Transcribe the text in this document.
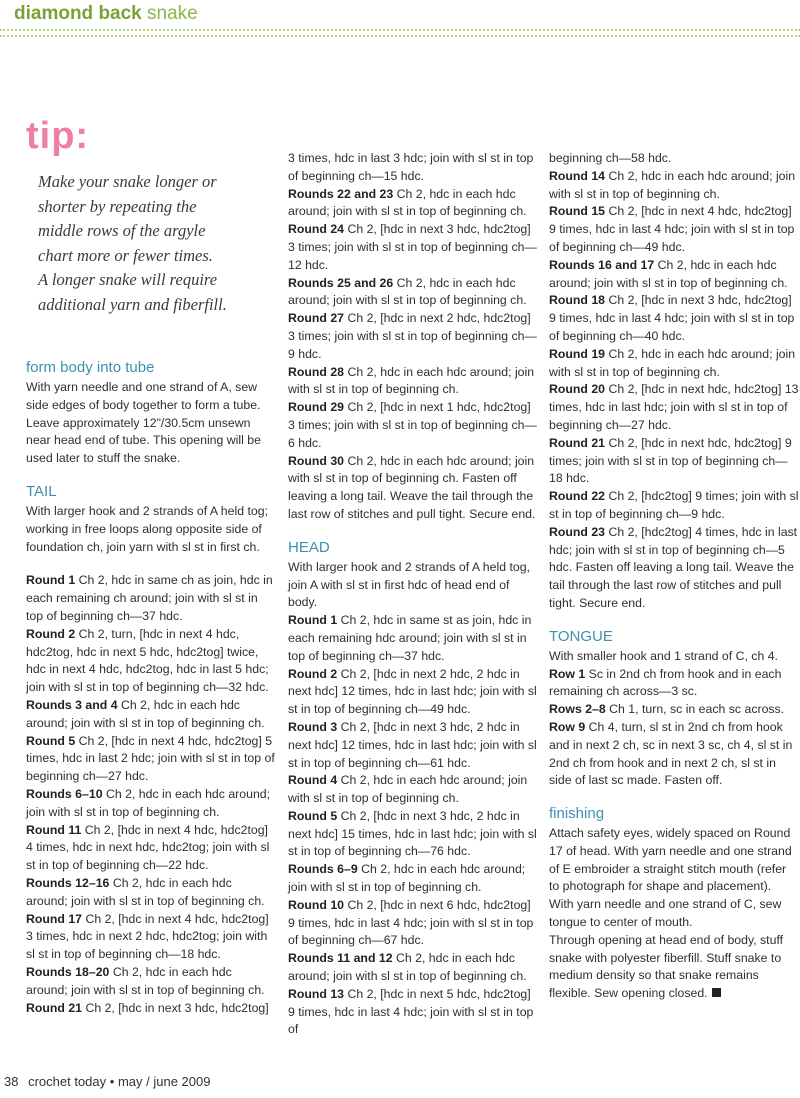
diamond back snake
tip:
Make your snake longer or
shorter by repeating the
middle rows of the argyle
chart more or fewer times.
A longer snake will require
additional yarn and fiberfill.
form body into tube

With yarn needle and one strand of A, sew side edges of body together to form a tube. Leave approximately 12"/30.5cm unsewn near head end of tube. This opening will be used later to stuff the snake.

TAIL

With larger hook and 2 strands of A held tog; working in free loops along opposite side of foundation ch, join yarn with sl st in first ch.

Round 1 Ch 2, hdc in same ch as join, hdc in each remaining ch around; join with sl st in top of beginning ch—37 hdc.

Round 2 Ch 2, turn, [hdc in next 4 hdc, hdc2tog, hdc in next 5 hdc, hdc2tog] twice, hdc in next 4 hdc, hdc2tog, hdc in last 5 hdc; join with sl st in top of beginning ch—32 hdc.

Rounds 3 and 4 Ch 2, hdc in each hdc around; join with sl st in top of beginning ch.

Round 5 Ch 2, [hdc in next 4 hdc, hdc2tog] 5 times, hdc in last 2 hdc; join with sl st in top of beginning ch—27 hdc.

Rounds 6–10 Ch 2, hdc in each hdc around; join with sl st in top of beginning ch.

Round 11 Ch 2, [hdc in next 4 hdc, hdc2tog] 4 times, hdc in next hdc, hdc2tog; join with sl st in top of beginning ch—22 hdc.

Rounds 12–16 Ch 2, hdc in each hdc around; join with sl st in top of beginning ch.

Round 17 Ch 2, [hdc in next 4 hdc, hdc2tog] 3 times, hdc in next 2 hdc, hdc2tog; join with sl st in top of beginning ch—18 hdc.

Rounds 18–20 Ch 2, hdc in each hdc around; join with sl st in top of beginning ch.

Round 21 Ch 2, [hdc in next 3 hdc, hdc2tog]

3 times, hdc in last 3 hdc; join with sl st in top of beginning ch—15 hdc.

Rounds 22 and 23 Ch 2, hdc in each hdc around; join with sl st in top of beginning ch.

Round 24 Ch 2, [hdc in next 3 hdc, hdc2tog] 3 times; join with sl st in top of beginning ch—12 hdc.

Rounds 25 and 26 Ch 2, hdc in each hdc around; join with sl st in top of beginning ch.

Round 27 Ch 2, [hdc in next 2 hdc, hdc2tog] 3 times; join with sl st in top of beginning ch—9 hdc.

Round 28 Ch 2, hdc in each hdc around; join with sl st in top of beginning ch.

Round 29 Ch 2, [hdc in next 1 hdc, hdc2tog] 3 times; join with sl st in top of beginning ch—6 hdc.

Round 30 Ch 2, hdc in each hdc around; join with sl st in top of beginning ch. Fasten off leaving a long tail. Weave the tail through the last row of stitches and pull tight. Secure end.

HEAD

With larger hook and 2 strands of A held tog, join A with sl st in first hdc of head end of body.

Round 1 Ch 2, hdc in same st as join, hdc in each remaining hdc around; join with sl st in top of beginning ch—37 hdc.

Round 2 Ch 2, [hdc in next 2 hdc, 2 hdc in next hdc] 12 times, hdc in last hdc; join with sl st in top of beginning ch—49 hdc.

Round 3 Ch 2, [hdc in next 3 hdc, 2 hdc in next hdc] 12 times, hdc in last hdc; join with sl st in top of beginning ch—61 hdc.

Round 4 Ch 2, hdc in each hdc around; join with sl st in top of beginning ch.

Round 5 Ch 2, [hdc in next 3 hdc, 2 hdc in next hdc] 15 times, hdc in last hdc; join with sl st in top of beginning ch—76 hdc.

Rounds 6–9 Ch 2, hdc in each hdc around; join with sl st in top of beginning ch.

Round 10 Ch 2, [hdc in next 6 hdc, hdc2tog] 9 times, hdc in last 4 hdc; join with sl st in top of beginning ch—67 hdc.

Rounds 11 and 12 Ch 2, hdc in each hdc around; join with sl st in top of beginning ch.

Round 13 Ch 2, [hdc in next 5 hdc, hdc2tog] 9 times, hdc in last 4 hdc; join with sl st in top of

beginning ch—58 hdc.

Round 14 Ch 2, hdc in each hdc around; join with sl st in top of beginning ch.

Round 15 Ch 2, [hdc in next 4 hdc, hdc2tog] 9 times, hdc in last 4 hdc; join with sl st in top of beginning ch—49 hdc.

Rounds 16 and 17 Ch 2, hdc in each hdc around; join with sl st in top of beginning ch.

Round 18 Ch 2, [hdc in next 3 hdc, hdc2tog] 9 times, hdc in last 4 hdc; join with sl st in top of beginning ch—40 hdc.

Round 19 Ch 2, hdc in each hdc around; join with sl st in top of beginning ch.

Round 20 Ch 2, [hdc in next hdc, hdc2tog] 13 times, hdc in last hdc; join with sl st in top of beginning ch—27 hdc.

Round 21 Ch 2, [hdc in next hdc, hdc2tog] 9 times; join with sl st in top of beginning ch—18 hdc.

Round 22 Ch 2, [hdc2tog] 9 times; join with sl st in top of beginning ch—9 hdc.

Round 23 Ch 2, [hdc2tog] 4 times, hdc in last hdc; join with sl st in top of beginning ch—5 hdc. Fasten off leaving a long tail. Weave the tail through the last row of stitches and pull tight. Secure end.

TONGUE

With smaller hook and 1 strand of C, ch 4.

Row 1 Sc in 2nd ch from hook and in each remaining ch across—3 sc.

Rows 2–8 Ch 1, turn, sc in each sc across.

Row 9 Ch 4, turn, sl st in 2nd ch from hook and in next 2 ch, sc in next 3 sc, ch 4, sl st in 2nd ch from hook and in next 2 ch, sl st in side of last sc made. Fasten off.

finishing

Attach safety eyes, widely spaced on Round 17 of head. With yarn needle and one strand of E embroider a straight stitch mouth (refer to photograph for shape and placement). With yarn needle and one strand of C, sew tongue to center of mouth.

Through opening at head end of body, stuff snake with polyester fiberfill. Stuff snake to medium density so that snake remains flexible. Sew opening closed.

38 crochet today • may / june 2009
